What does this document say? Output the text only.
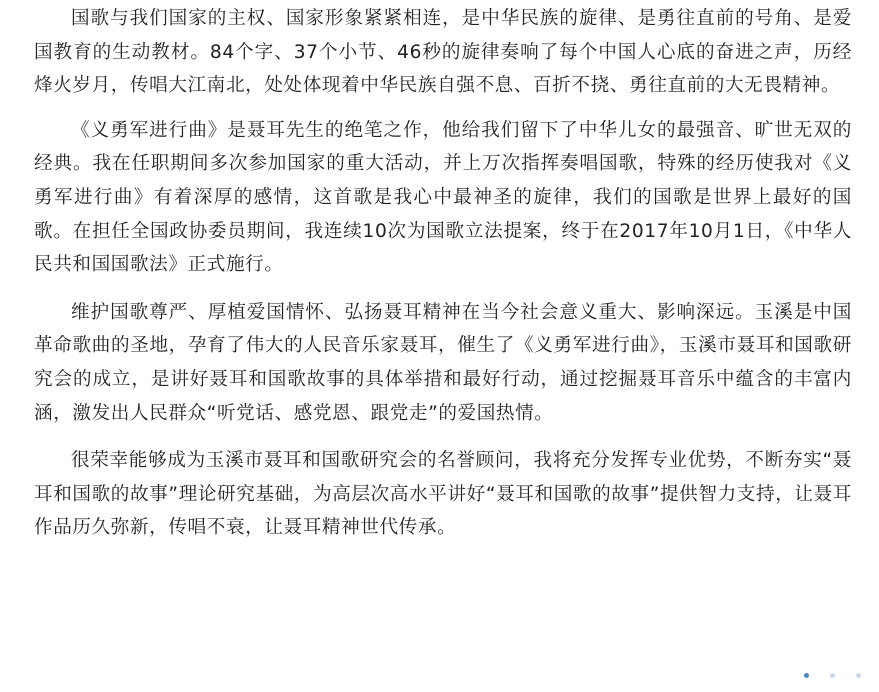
国歌与我们国家的主权、国家形象紧紧相连，是中华民族的旋律、是勇往直前的号角、是爱国教育的生动教材。84个字、37个小节、46秒的旋律奏响了每个中国人心底的奋进之声，历经烽火岁月，传唱大江南北，处处体现着中华民族自强不息、百折不挠、勇往直前的大无畏精神。

《义勇军进行曲》是聂耳先生的绝笔之作，他给我们留下了中华儿女的最强音、旷世无双的经典。我在任职期间多次参加国家的重大活动，并上万次指挥奏唱国歌，特殊的经历使我对《义勇军进行曲》有着深厚的感情，这首歌是我心中最神圣的旋律，我们的国歌是世界上最好的国歌。在担任全国政协委员期间，我连续10次为国歌立法提案，终于在2017年10月1日，《中华人民共和国国歌法》正式施行。

维护国歌尊严、厚植爱国情怀、弘扬聂耳精神在当今社会意义重大、影响深远。玉溪是中国革命歌曲的圣地，孕育了伟大的人民音乐家聂耳，催生了《义勇军进行曲》，玉溪市聂耳和国歌研究会的成立，是讲好聂耳和国歌故事的具体举措和最好行动，通过挖掘聂耳音乐中蕴含的丰富内涵，激发出人民群众“听党话、感党恩、跟党走”的爱国热情。

很荣幸能够成为玉溪市聂耳和国歌研究会的名誉顾问，我将充分发挥专业优势，不断夯实“聂耳和国歌的故事”理论研究基础，为高层次高水平讲好“聂耳和国歌的故事”提供智力支持，让聂耳作品历久弥新，传唱不衰，让聂耳精神世代传承。
